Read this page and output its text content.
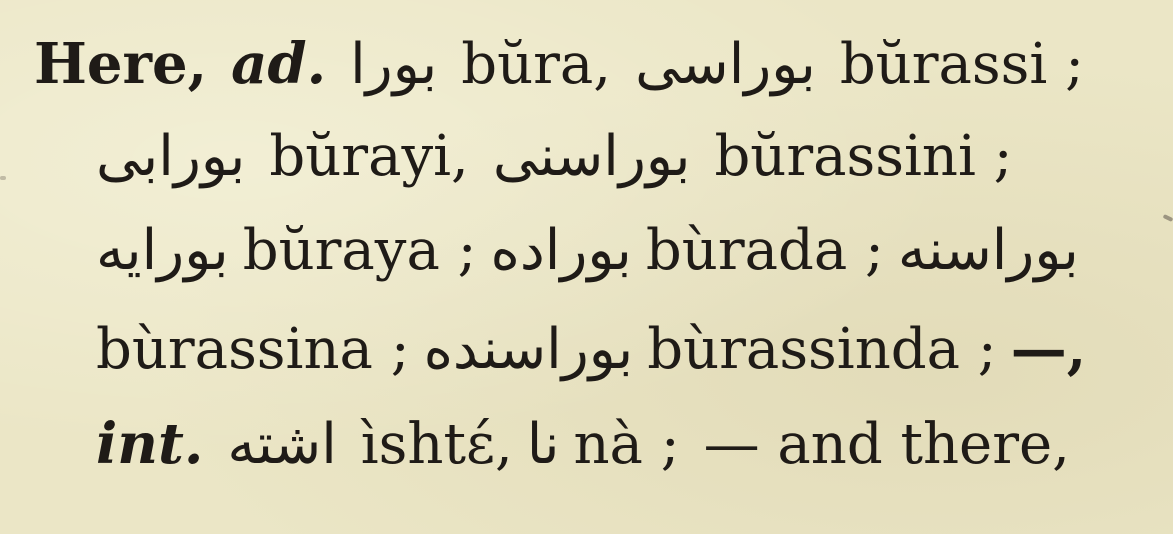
Here, ad. بورا bŭra, بوراسى bŭrassi ;
بورابى bŭrayi, بوراسنى bŭrassini ;
بورايه bŭraya ; بوراده bùrada ; بوراسنه
bùrassina ; بوراسنده bùrassinda ; —,
int. اشته ìshtέ, نا nà ; — and there,
